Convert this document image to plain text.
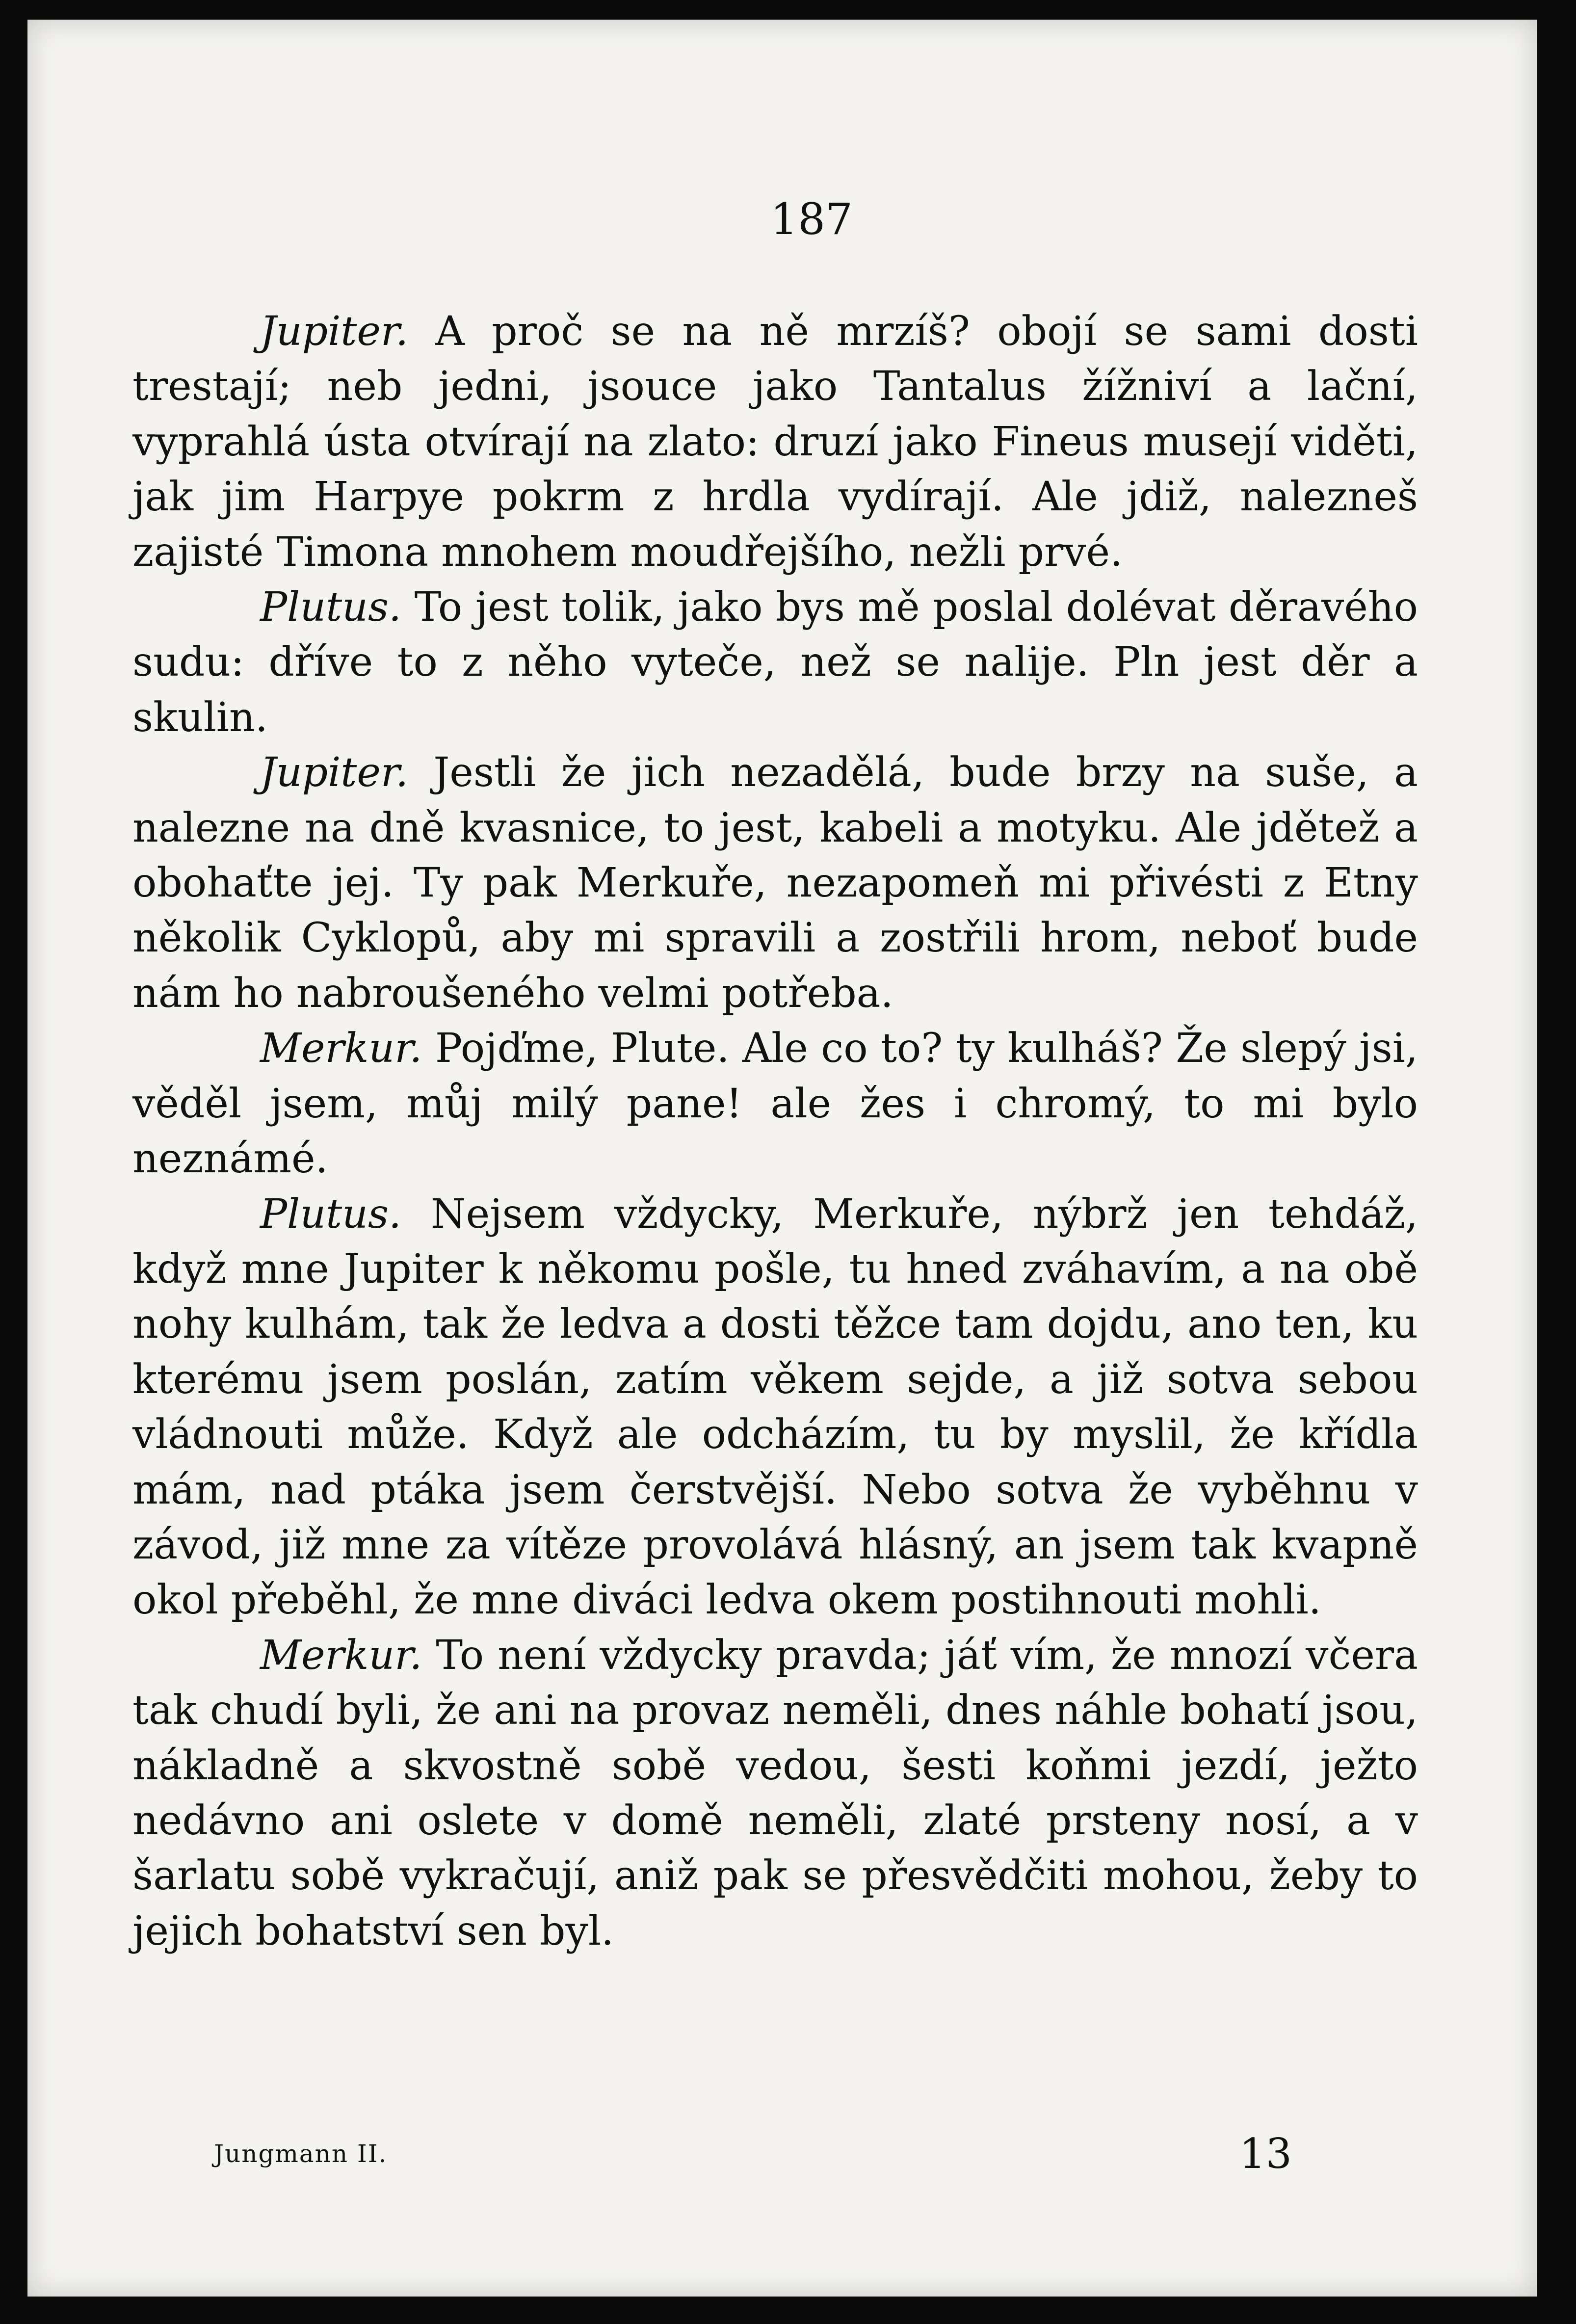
187

Jupiter. A proč se na ně mrzíš? obojí se sami dosti trestají; neb jedni, jsouce jako Tantalus žížniví a lační, vyprahlá ústa otvírají na zlato: druzí jako Fineus musejí viděti, jak jim Harpye pokrm z hrdla vydírají. Ale jdiž, nalezneš zajisté Timona mnohem moudřejšího, nežli prvé.

Plutus. To jest tolik, jako bys mě poslal dolévat děravého sudu: dříve to z něho vyteče, než se nalije. Pln jest děr a skulin.

Jupiter. Jestli že jich nezadělá, bude brzy na suše, a nalezne na dně kvasnice, to jest, kabeli a motyku. Ale jdětež a obohaťte jej. Ty pak Merkuře, nezapomeň mi přivésti z Etny několik Cyklopů, aby mi spravili a zostřili hrom, neboť bude nám ho nabroušeného velmi potřeba.

Merkur. Pojďme, Plute. Ale co to? ty kulháš? Že slepý jsi, věděl jsem, můj milý pane! ale žes i chromý, to mi bylo neznámé.

Plutus. Nejsem vždycky, Merkuře, nýbrž jen tehdáž, když mne Jupiter k někomu pošle, tu hned zváhavím, a na obě nohy kulhám, tak že ledva a dosti těžce tam dojdu, ano ten, ku kterému jsem poslán, zatím věkem sejde, a již sotva sebou vládnouti může. Když ale odcházím, tu by myslil, že křídla mám, nad ptáka jsem čerstvější. Nebo sotva že vyběhnu v závod, již mne za vítěze provolává hlásný, an jsem tak kvapně okol přeběhl, že mne diváci ledva okem postihnouti mohli.

Merkur. To není vždycky pravda; jáť vím, že mnozí včera tak chudí byli, že ani na provaz neměli, dnes náhle bohatí jsou, nákladně a skvostně sobě vedou, šesti koňmi jezdí, ježto nedávno ani oslete v domě neměli, zlaté prsteny nosí, a v šarlatu sobě vykračují, aniž pak se přesvědčiti mohou, žeby to jejich bohatství sen byl.

Jungmann II.	13
